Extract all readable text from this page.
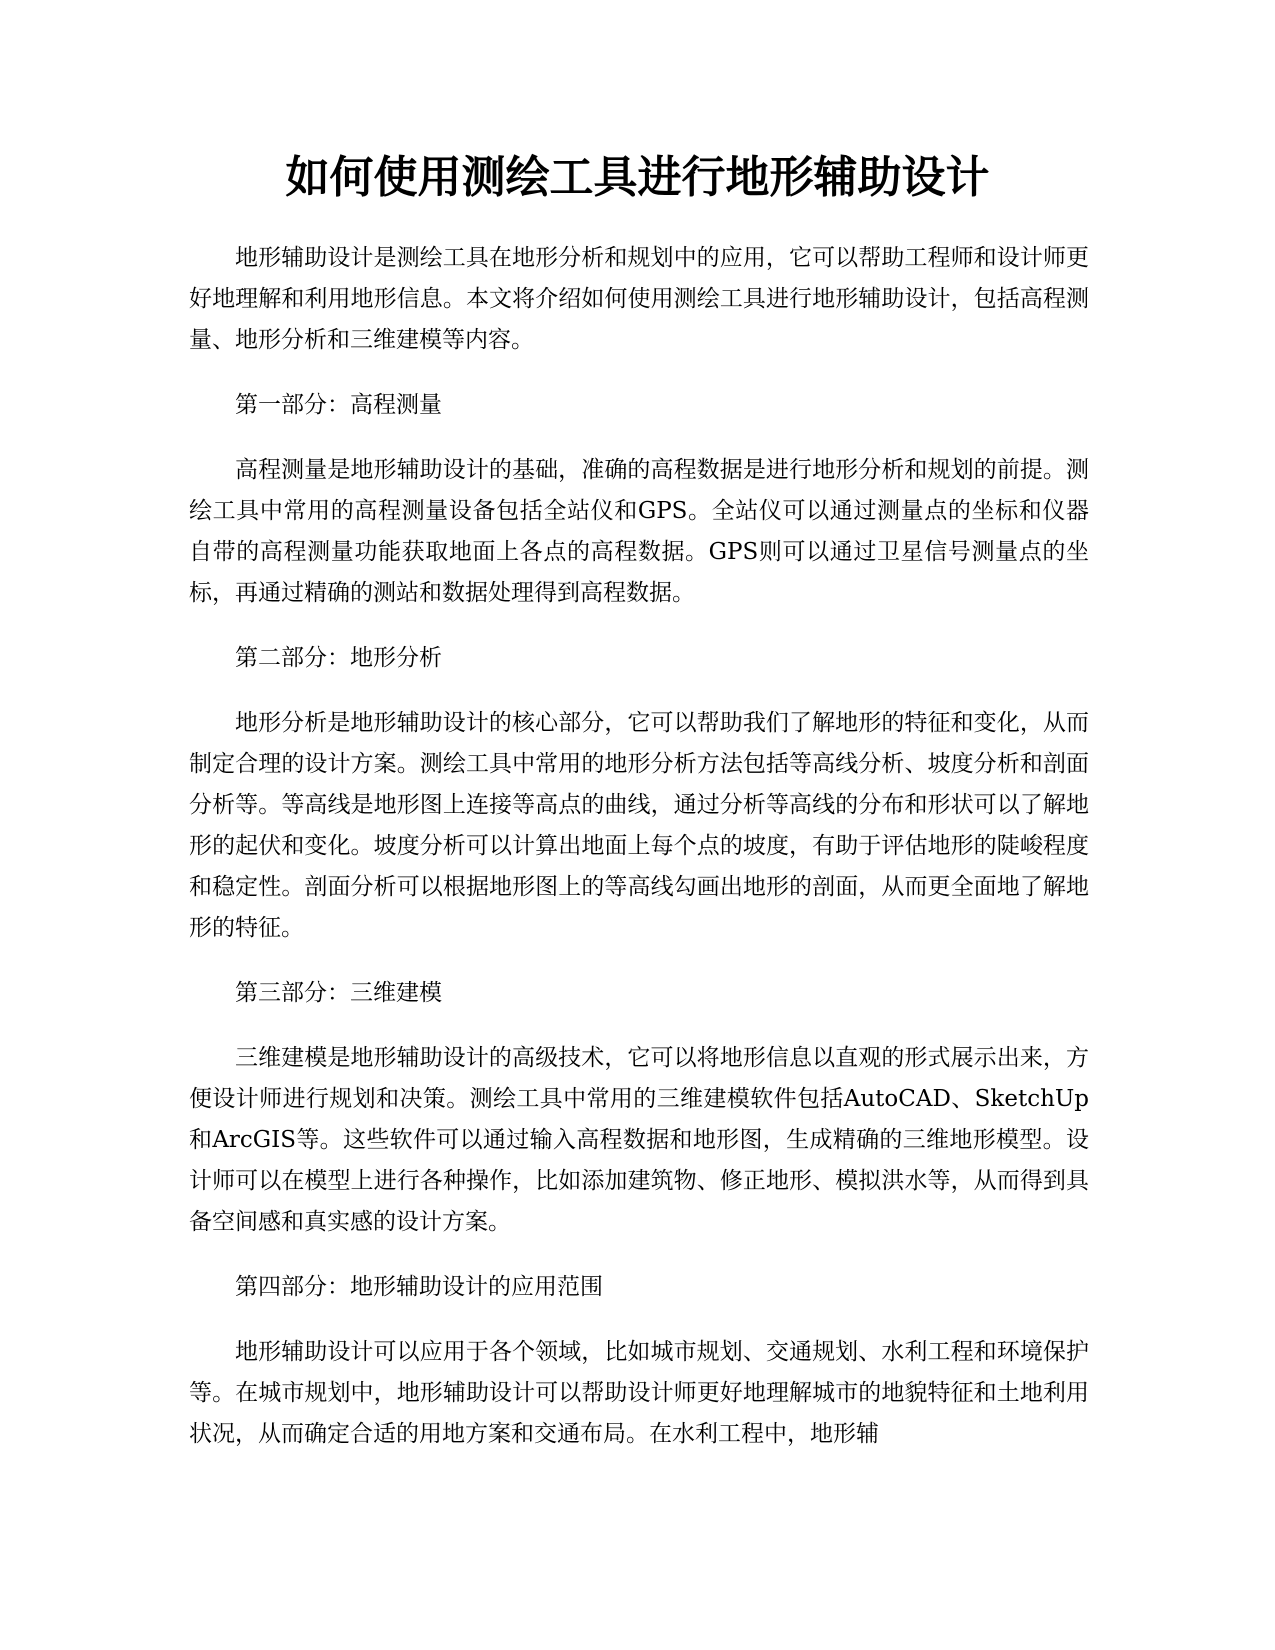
如何使用测绘工具进行地形辅助设计

地形辅助设计是测绘工具在地形分析和规划中的应用，它可以帮助工程师和设计师更好地理解和利用地形信息。本文将介绍如何使用测绘工具进行地形辅助设计，包括高程测量、地形分析和三维建模等内容。

第一部分：高程测量

高程测量是地形辅助设计的基础，准确的高程数据是进行地形分析和规划的前提。测绘工具中常用的高程测量设备包括全站仪和GPS。全站仪可以通过测量点的坐标和仪器自带的高程测量功能获取地面上各点的高程数据。GPS则可以通过卫星信号测量点的坐标，再通过精确的测站和数据处理得到高程数据。

第二部分：地形分析

地形分析是地形辅助设计的核心部分，它可以帮助我们了解地形的特征和变化，从而制定合理的设计方案。测绘工具中常用的地形分析方法包括等高线分析、坡度分析和剖面分析等。等高线是地形图上连接等高点的曲线，通过分析等高线的分布和形状可以了解地形的起伏和变化。坡度分析可以计算出地面上每个点的坡度，有助于评估地形的陡峻程度和稳定性。剖面分析可以根据地形图上的等高线勾画出地形的剖面，从而更全面地了解地形的特征。

第三部分：三维建模

三维建模是地形辅助设计的高级技术，它可以将地形信息以直观的形式展示出来，方便设计师进行规划和决策。测绘工具中常用的三维建模软件包括AutoCAD、SketchUp和ArcGIS等。这些软件可以通过输入高程数据和地形图，生成精确的三维地形模型。设计师可以在模型上进行各种操作，比如添加建筑物、修正地形、模拟洪水等，从而得到具备空间感和真实感的设计方案。

第四部分：地形辅助设计的应用范围

地形辅助设计可以应用于各个领域，比如城市规划、交通规划、水利工程和环境保护等。在城市规划中，地形辅助设计可以帮助设计师更好地理解城市的地貌特征和土地利用状况，从而确定合适的用地方案和交通布局。在水利工程中，地形辅
